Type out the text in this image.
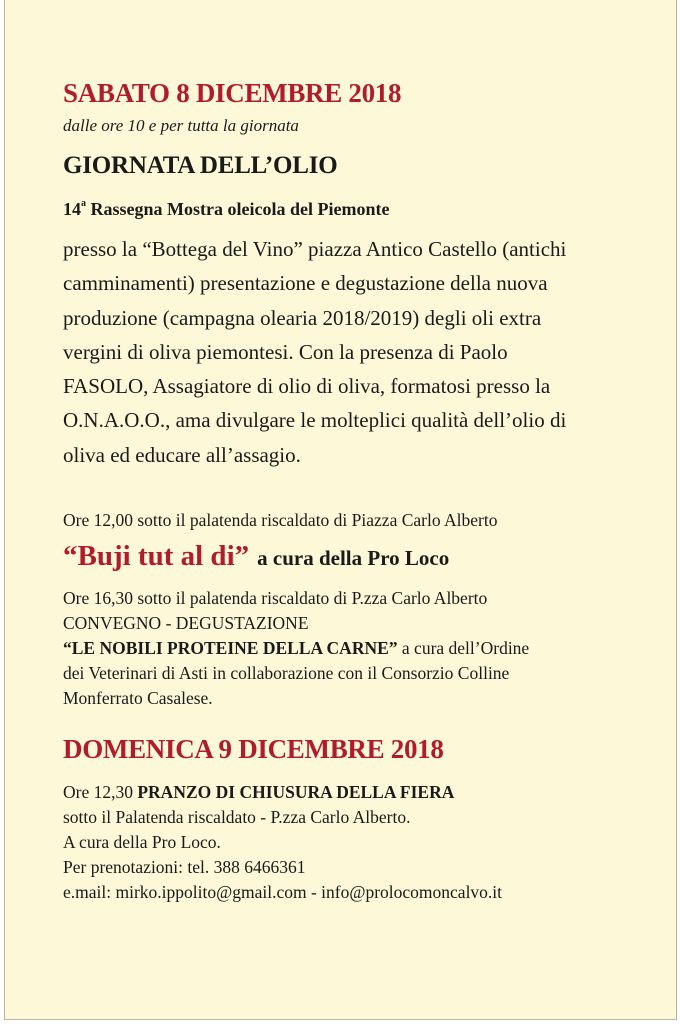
SABATO 8 DICEMBRE 2018
dalle ore 10 e per tutta la giornata
GIORNATA DELL’OLIO
14$^a$ Rassegna Mostra oleicola del Piemonte

presso la “Bottega del Vino” piazza Antico Castello (antichi

camminamenti) presentazione e degustazione della nuova

produzione (campagna olearia 2018/2019) degli oli extra

vergini di oliva piemontesi. Con la presenza di Paolo

FASOLO, Assagiatore di olio di oliva, formatosi presso la

O.N.A.O.O., ama divulgare le molteplici qualità dell’olio di

oliva ed educare all’assagio.

Ore 12,00 sotto il palatenda riscaldato di Piazza Carlo Alberto
“Buji tut al di” a cura della Pro Loco
Ore 16,30 sotto il palatenda riscaldato di P.zza Carlo Alberto
CONVEGNO - DEGUSTAZIONE
“LE NOBILI PROTEINE DELLA CARNE” a cura dell’Ordine
dei Veterinari di Asti in collaborazione con il Consorzio Colline
Monferrato Casalese.
DOMENICA 9 DICEMBRE 2018
Ore 12,30 PRANZO DI CHIUSURA DELLA FIERA
sotto il Palatenda riscaldato - P.zza Carlo Alberto.
A cura della Pro Loco.
Per prenotazioni: tel. 388 6466361
e.mail: mirko.ippolito@gmail.com - info@prolocomoncalvo.it
